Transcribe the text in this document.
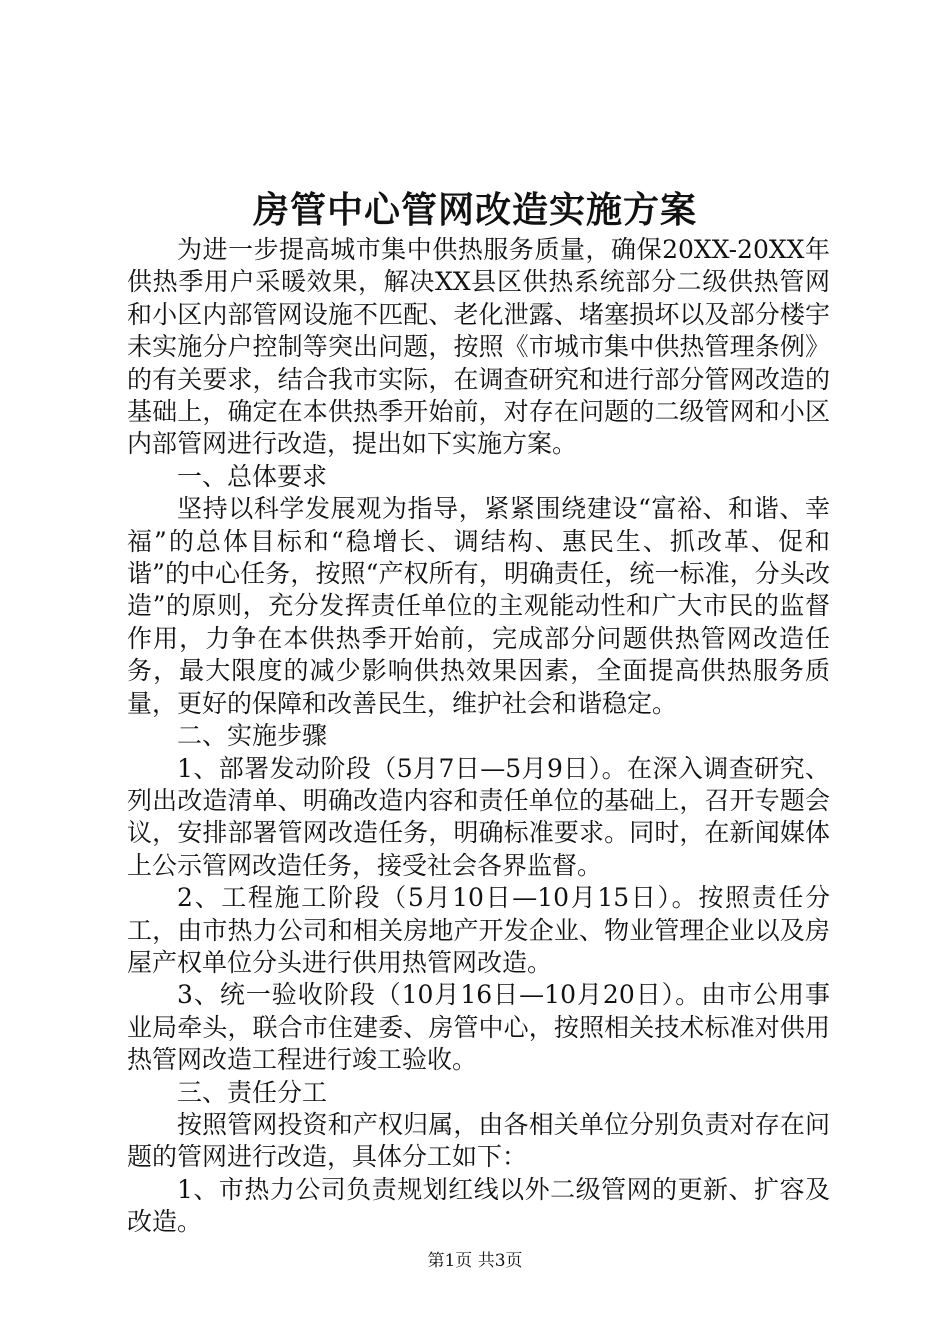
房管中心管网改造实施方案

为进一步提高城市集中供热服务质量，确保20XX-20XX年供热季用户采暖效果，解决XX县区供热系统部分二级供热管网和小区内部管网设施不匹配、老化泄露、堵塞损坏以及部分楼宇未实施分户控制等突出问题，按照《市城市集中供热管理条例》的有关要求，结合我市实际，在调查研究和进行部分管网改造的基础上，确定在本供热季开始前，对存在问题的二级管网和小区内部管网进行改造，提出如下实施方案。

一、总体要求

坚持以科学发展观为指导，紧紧围绕建设“富裕、和谐、幸福”的总体目标和“稳增长、调结构、惠民生、抓改革、促和谐”的中心任务，按照“产权所有，明确责任，统一标准，分头改造”的原则，充分发挥责任单位的主观能动性和广大市民的监督作用，力争在本供热季开始前，完成部分问题供热管网改造任务，最大限度的减少影响供热效果因素，全面提高供热服务质量，更好的保障和改善民生，维护社会和谐稳定。

二、实施步骤

1、部署发动阶段（5月7日—5月9日）。在深入调查研究、列出改造清单、明确改造内容和责任单位的基础上，召开专题会议，安排部署管网改造任务，明确标准要求。同时，在新闻媒体上公示管网改造任务，接受社会各界监督。

2、工程施工阶段（5月10日—10月15日）。按照责任分工，由市热力公司和相关房地产开发企业、物业管理企业以及房屋产权单位分头进行供用热管网改造。

3、统一验收阶段（10月16日—10月20日）。由市公用事业局牵头，联合市住建委、房管中心，按照相关技术标准对供用热管网改造工程进行竣工验收。

三、责任分工

按照管网投资和产权归属，由各相关单位分别负责对存在问题的管网进行改造，具体分工如下：

1、市热力公司负责规划红线以外二级管网的更新、扩容及改造。

第1页 共3页
